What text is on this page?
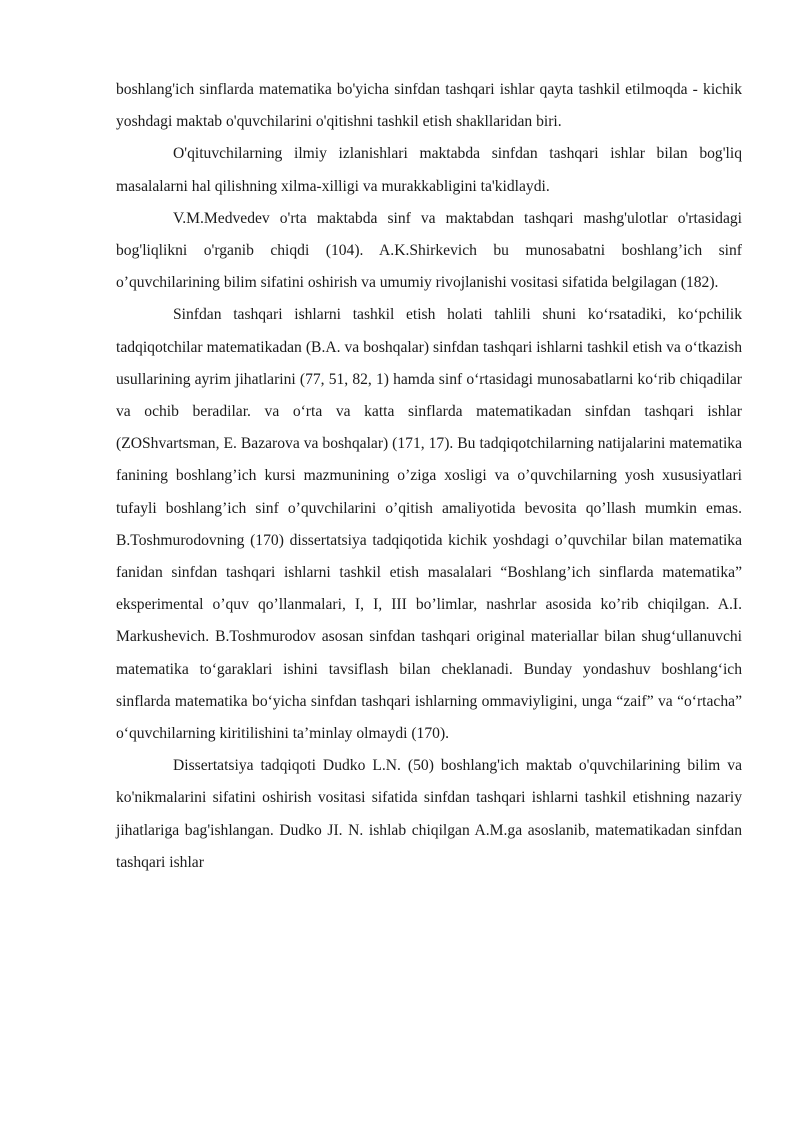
boshlang'ich sinflarda matematika bo'yicha sinfdan tashqari ishlar qayta tashkil etilmoqda - kichik yoshdagi maktab o'quvchilarini o'qitishni tashkil etish shakllaridan biri.

O'qituvchilarning ilmiy izlanishlari maktabda sinfdan tashqari ishlar bilan bog'liq masalalarni hal qilishning xilma-xilligi va murakkabligini ta'kidlaydi.

V.M.Medvedev o'rta maktabda sinf va maktabdan tashqari mashg'ulotlar o'rtasidagi bog'liqlikni o'rganib chiqdi (104). A.K.Shirkevich bu munosabatni boshlang’ich sinf o’quvchilarining bilim sifatini oshirish va umumiy rivojlanishi vositasi sifatida belgilagan (182).

Sinfdan tashqari ishlarni tashkil etish holati tahlili shuni ko‘rsatadiki, ko‘pchilik tadqiqotchilar matematikadan (B.A. va boshqalar) sinfdan tashqari ishlarni tashkil etish va o‘tkazish usullarining ayrim jihatlarini (77, 51, 82, 1) hamda sinf o‘rtasidagi munosabatlarni ko‘rib chiqadilar va ochib beradilar. va o‘rta va katta sinflarda matematikadan sinfdan tashqari ishlar (ZOShvartsman, E. Bazarova va boshqalar) (171, 17). Bu tadqiqotchilarning natijalarini matematika fanining boshlang’ich kursi mazmunining o’ziga xosligi va o’quvchilarning yosh xususiyatlari tufayli boshlang’ich sinf o’quvchilarini o’qitish amaliyotida bevosita qo’llash mumkin emas. B.Toshmurodovning (170) dissertatsiya tadqiqotida kichik yoshdagi o’quvchilar bilan matematika fanidan sinfdan tashqari ishlarni tashkil etish masalalari “Boshlang’ich sinflarda matematika” eksperimental o’quv qo’llanmalari, I, I, III bo’limlar, nashrlar asosida ko’rib chiqilgan. A.I. Markushevich. B.Toshmurodov asosan sinfdan tashqari original materiallar bilan shug‘ullanuvchi matematika to‘garaklari ishini tavsiflash bilan cheklanadi. Bunday yondashuv boshlang‘ich sinflarda matematika bo‘yicha sinfdan tashqari ishlarning ommaviyligini, unga “zaif” va “o‘rtacha” o‘quvchilarning kiritilishini ta’minlay olmaydi (170).

Dissertatsiya tadqiqoti Dudko L.N. (50) boshlang'ich maktab o'quvchilarining bilim va ko'nikmalarini sifatini oshirish vositasi sifatida sinfdan tashqari ishlarni tashkil etishning nazariy jihatlariga bag'ishlangan. Dudko JI. N. ishlab chiqilgan A.M.ga asoslanib, matematikadan sinfdan tashqari ishlar
